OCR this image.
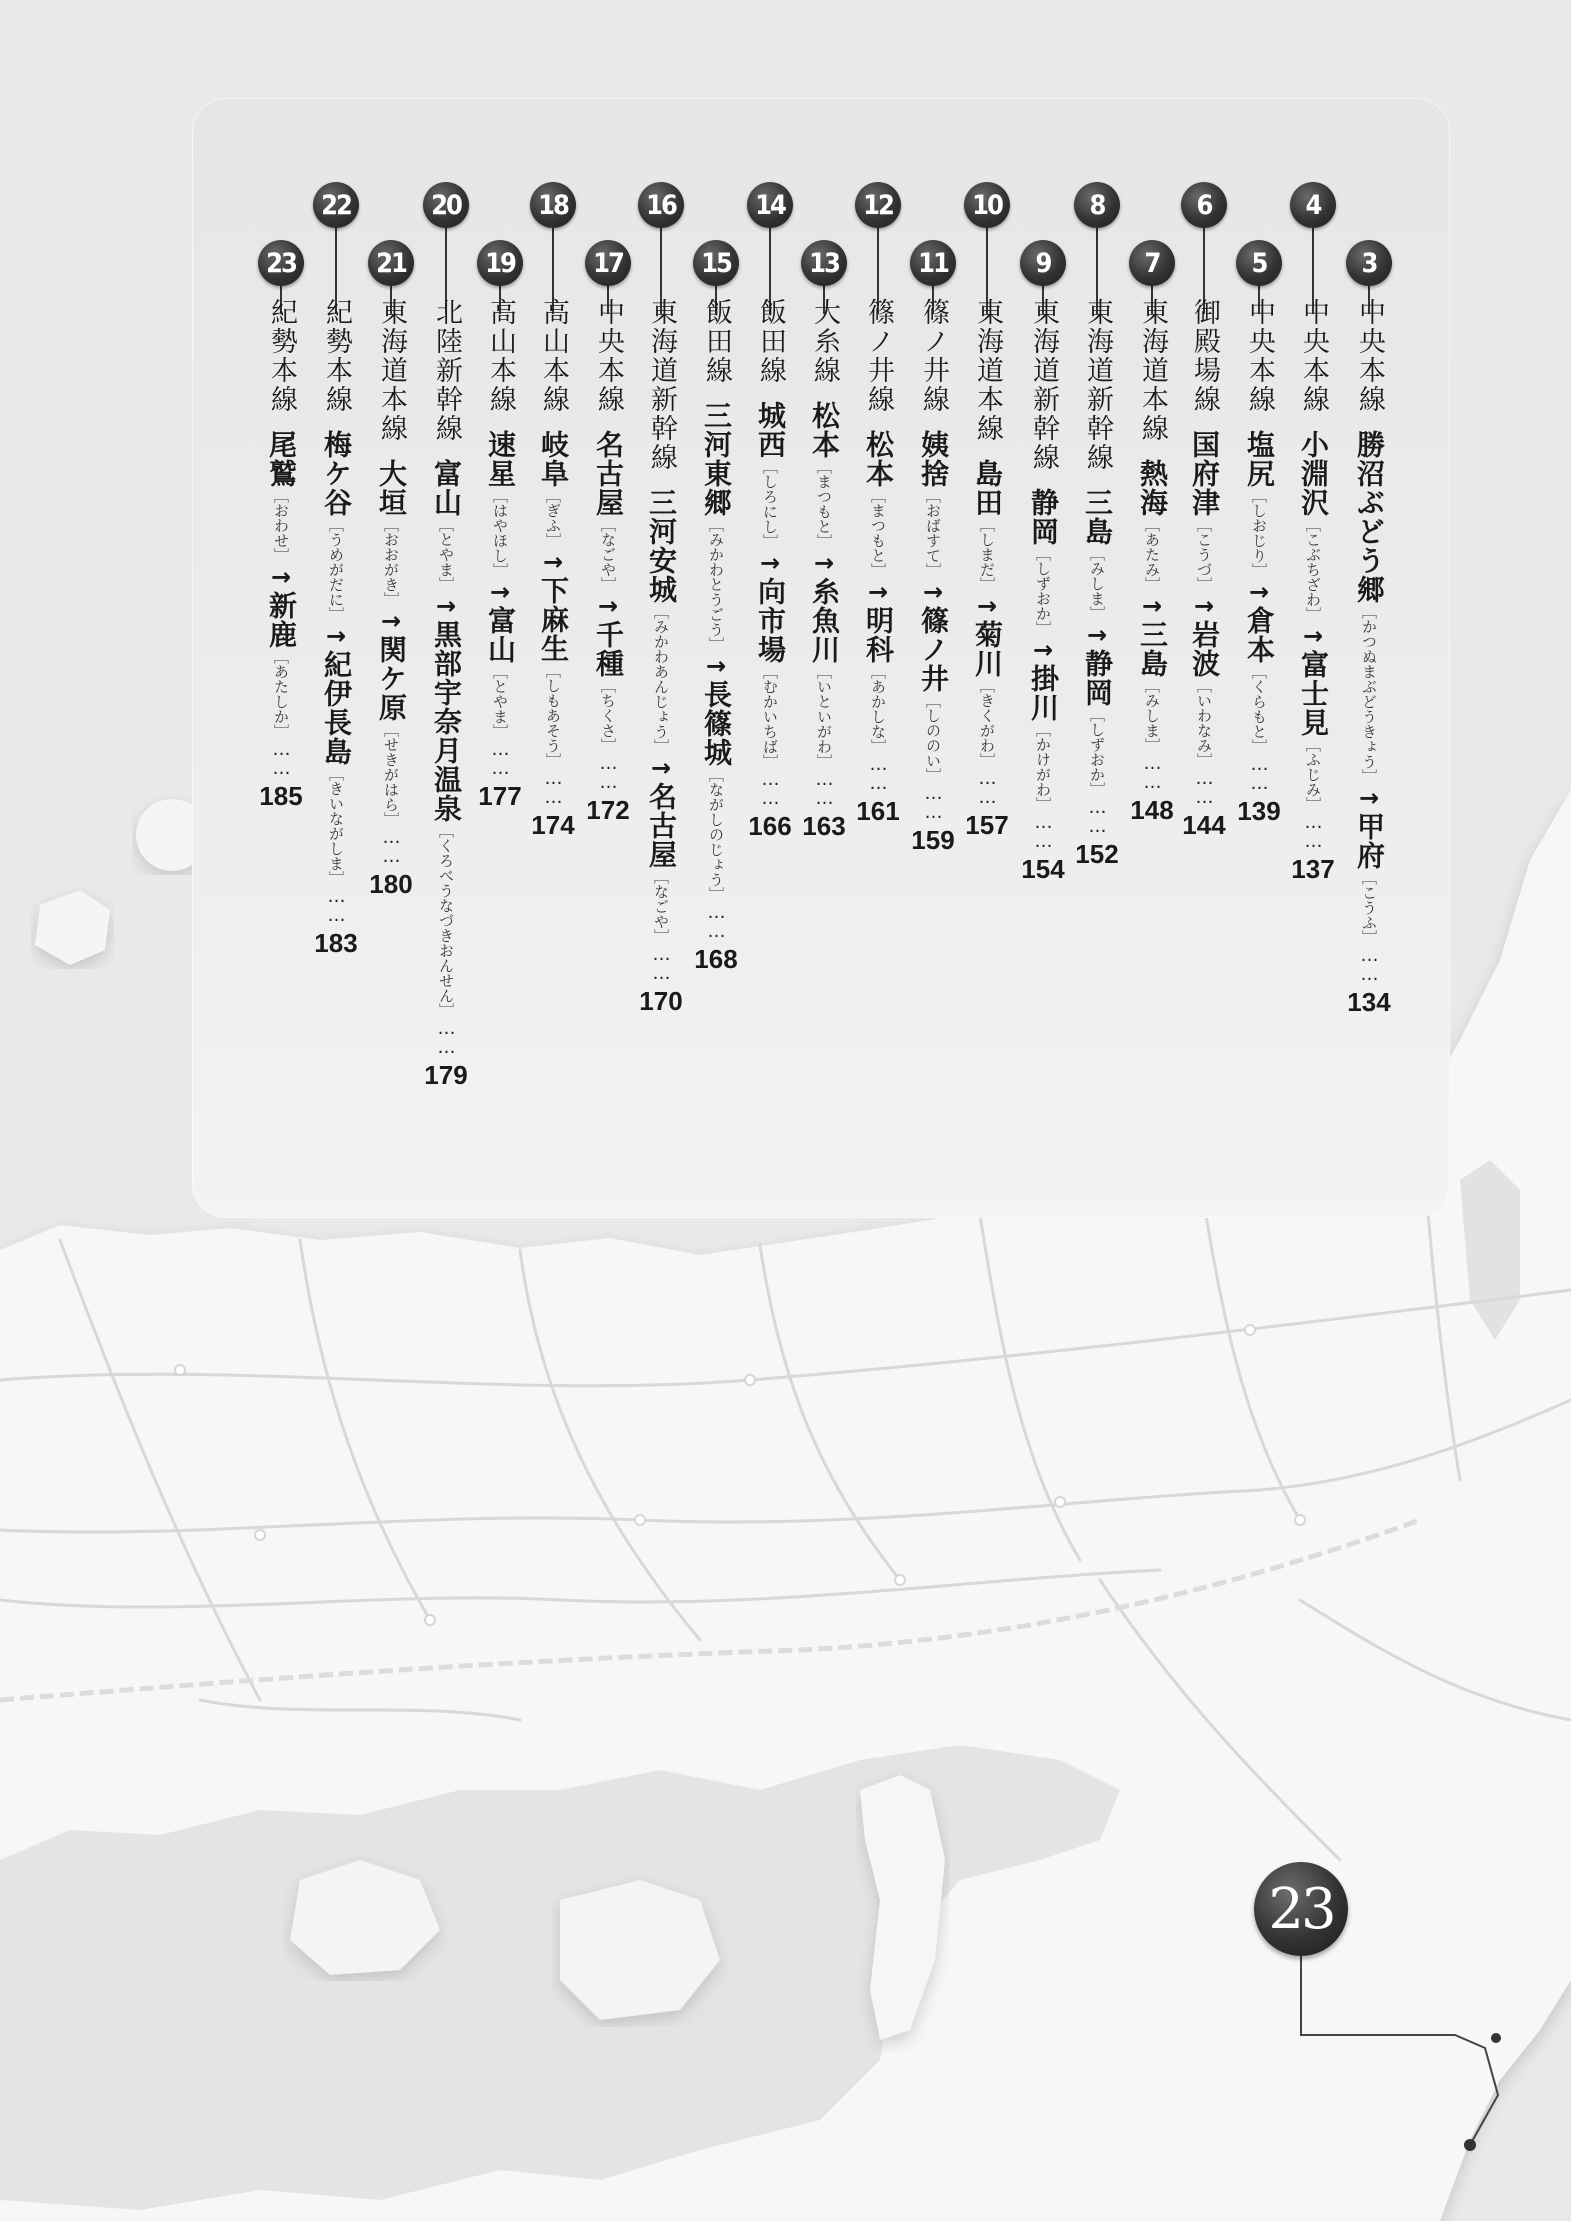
3
中央本線勝沼ぶどう郷［かつぬまぶどうきょう］→甲府［こうふ］……
134
4
中央本線小淵沢［こぶちざわ］→富士見［ふじみ］……
137
5
中央本線塩尻［しおじり］→倉本［くらもと］……
139
6
御殿場線国府津［こうづ］→岩波［いわなみ］……
144
7
東海道本線熱海［あたみ］→三島［みしま］……
148
8
東海道新幹線三島［みしま］→静岡［しずおか］……
152
9
東海道新幹線静岡［しずおか］→掛川［かけがわ］……
154
10
東海道本線島田［しまだ］→菊川［きくがわ］……
157
11
篠ノ井線姨捨［おばすて］→篠ノ井［しののい］……
159
12
篠ノ井線松本［まつもと］→明科［あかしな］……
161
13
大糸線松本［まつもと］→糸魚川［いといがわ］……
163
14
飯田線城西［しろにし］→向市場［むかいちば］……
166
15
飯田線三河東郷［みかわとうごう］→長篠城［ながしのじょう］……
168
16
東海道新幹線三河安城［みかわあんじょう］→名古屋［なごや］……
170
17
中央本線名古屋［なごや］→千種［ちくさ］……
172
18
高山本線岐阜［ぎふ］→下麻生［しもあそう］……
174
19
高山本線速星［はやほし］→富山［とやま］……
177
20
北陸新幹線富山［とやま］→黒部宇奈月温泉［くろべうなづきおんせん］……
179
21
東海道本線大垣［おおがき］→関ケ原［せきがはら］……
180
22
紀勢本線梅ケ谷［うめがだに］→紀伊長島［きいながしま］……
183
23
紀勢本線尾鷲［おわせ］→新鹿［あたしか］……
185
23
